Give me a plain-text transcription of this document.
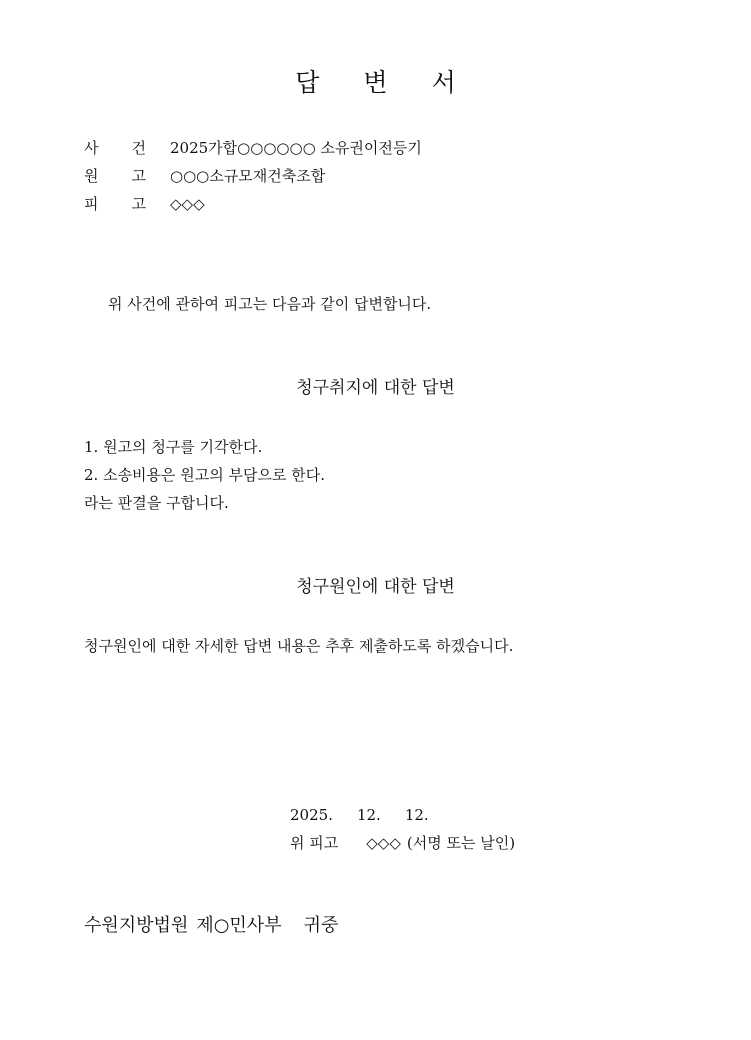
답 변 서
사 건 2025가합○○○○○○ 소유권이전등기
원 고 ○○○소규모재건축조합
피 고 ◇◇◇
위 사건에 관하여 피고는 다음과 같이 답변합니다.
청구취지에 대한 답변
1. 원고의 청구를 기각한다.
2. 소송비용은 원고의 부담으로 한다.
라는 판결을 구합니다.
청구원인에 대한 답변
청구원인에 대한 자세한 답변 내용은 추후 제출하도록 하겠습니다.
2025. 12. 12.
위 피고 ◇◇◇ (서명 또는 날인)
수원지방법원 제○민사부 귀중
